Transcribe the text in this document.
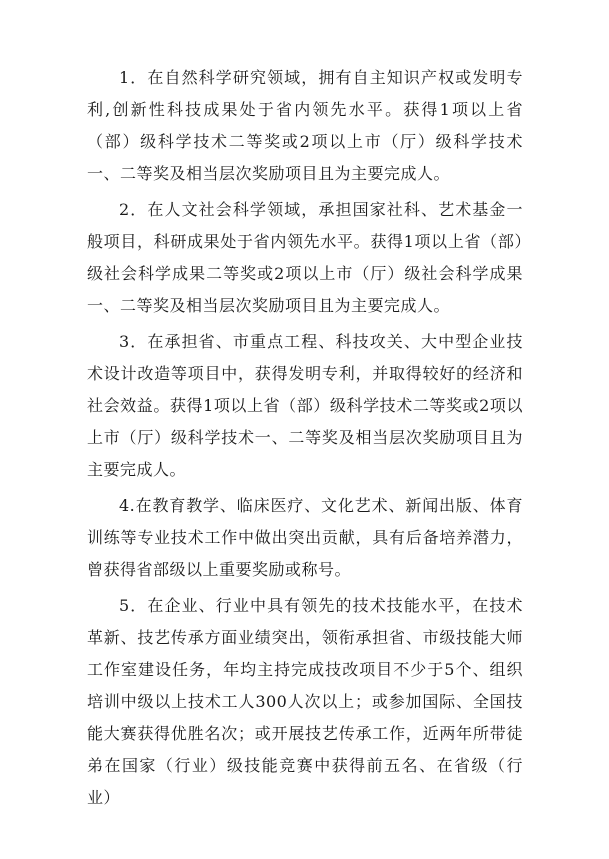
1．在自然科学研究领域，拥有自主知识产权或发明专利,创新性科技成果处于省内领先水平。获得1项以上省（部）级科学技术二等奖或2项以上市（厅）级科学技术一、二等奖及相当层次奖励项目且为主要完成人。

2．在人文社会科学领域，承担国家社科、艺术基金一般项目，科研成果处于省内领先水平。获得1项以上省（部）级社会科学成果二等奖或2项以上市（厅）级社会科学成果一、二等奖及相当层次奖励项目且为主要完成人。

3．在承担省、市重点工程、科技攻关、大中型企业技术设计改造等项目中，获得发明专利，并取得较好的经济和社会效益。获得1项以上省（部）级科学技术二等奖或2项以上市（厅）级科学技术一、二等奖及相当层次奖励项目且为主要完成人。

4.在教育教学、临床医疗、文化艺术、新闻出版、体育训练等专业技术工作中做出突出贡献，具有后备培养潜力，曾获得省部级以上重要奖励或称号。

5．在企业、行业中具有领先的技术技能水平，在技术革新、技艺传承方面业绩突出，领衔承担省、市级技能大师工作室建设任务，年均主持完成技改项目不少于5个、组织培训中级以上技术工人300人次以上；或参加国际、全国技能大赛获得优胜名次；或开展技艺传承工作，近两年所带徒弟在国家（行业）级技能竞赛中获得前五名、在省级（行业）
